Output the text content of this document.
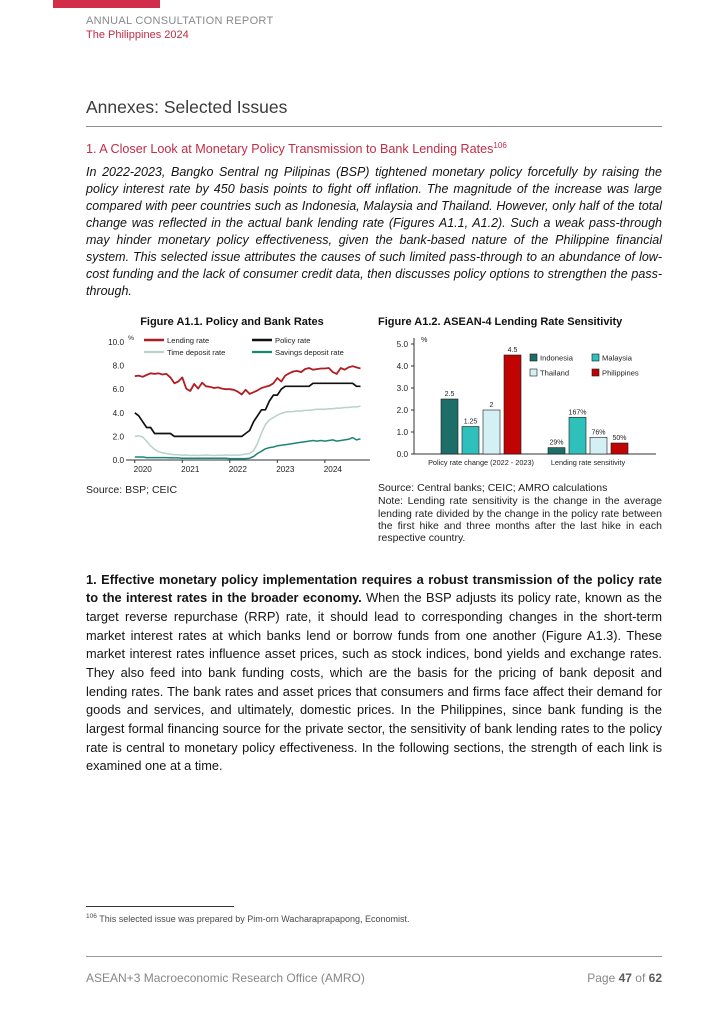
ANNUAL CONSULTATION REPORT
The Philippines 2024
Annexes: Selected Issues
1. A Closer Look at Monetary Policy Transmission to Bank Lending Rates$^{106}$

In 2022-2023, Bangko Sentral ng Pilipinas (BSP) tightened monetary policy forcefully by raising the policy interest rate by 450 basis points to fight off inflation. The magnitude of the increase was large compared with peer countries such as Indonesia, Malaysia and Thailand. However, only half of the total change was reflected in the actual bank lending rate (Figures A1.1, A1.2). Such a weak pass-through may hinder monetary policy effectiveness, given the bank-based nature of the Philippine financial system. This selected issue attributes the causes of such limited pass-through to an abundance of low-cost funding and the lack of consumer credit data, then discusses policy options to strengthen the pass-through.

Figure A1.1. Policy and Bank Rates
0.0
2.0
4.0
6.0
8.0
10.0 %
2020	2021	2022	2023	2024
Lending rate	Policy rate
Time deposit rate	Savings deposit rate
Source: BSP; CEIC
Figure A1.2. ASEAN-4 Lending Rate Sensitivity
0.0
1.0
2.0
3.0
4.0
5.0
%
2.5
1.25
2
4.5
Policy rate change (2022 - 2023)
29%
167%
76%
50%
Lending rate sensitivity
Indonesia	Malaysia
Thailand	Philippines
Source: Central banks; CEIC; AMRO calculations
Note: Lending rate sensitivity is the change in the average lending rate divided by the change in the policy rate between the first hike and three months after the last hike in each respective country.

1. Effective monetary policy implementation requires a robust transmission of the policy rate to the interest rates in the broader economy. When the BSP adjusts its policy rate, known as the target reverse repurchase (RRP) rate, it should lead to corresponding changes in the short-term market interest rates at which banks lend or borrow funds from one another (Figure A1.3). These market interest rates influence asset prices, such as stock indices, bond yields and exchange rates. They also feed into bank funding costs, which are the basis for the pricing of bank deposit and lending rates. The bank rates and asset prices that consumers and firms face affect their demand for goods and services, and ultimately, domestic prices. In the Philippines, since bank funding is the largest formal financing source for the private sector, the sensitivity of bank lending rates to the policy rate is central to monetary policy effectiveness. In the following sections, the strength of each link is examined one at a time.

$^{106}$ This selected issue was prepared by Pim-orn Wacharaprapapong, Economist.
ASEAN+3 Macroeconomic Research Office (AMRO)	Page 47 of 62
